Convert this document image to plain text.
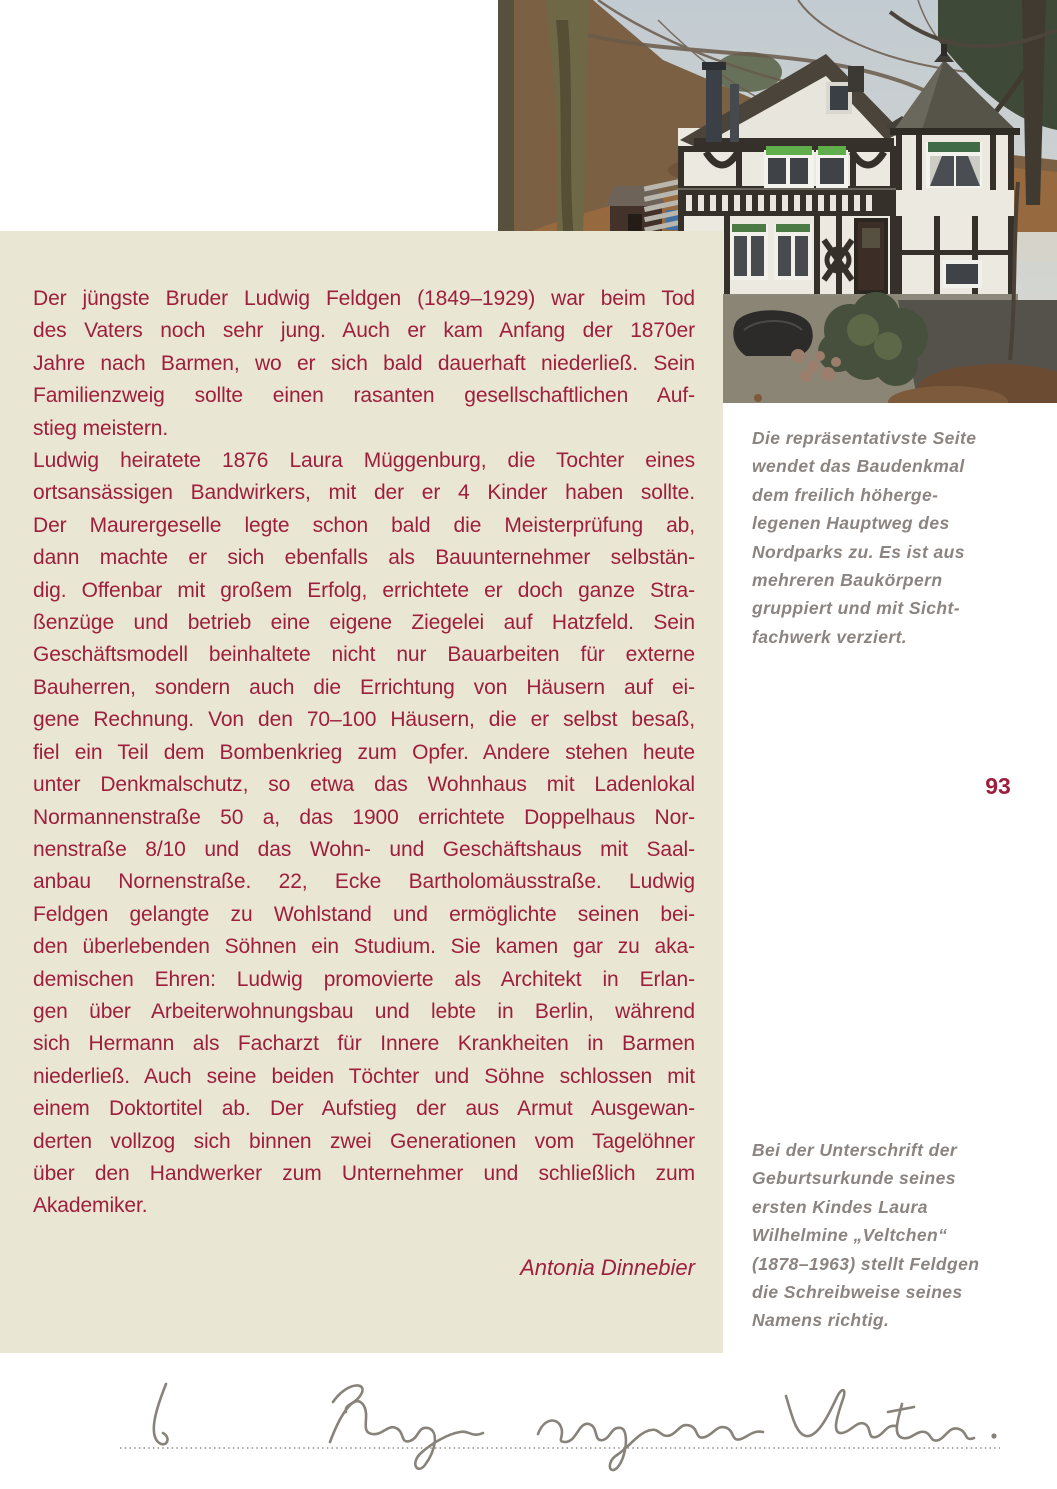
Der jüngste Bruder Ludwig Feldgen (1849–1929) war beim Tod
des Vaters noch sehr jung. Auch er kam Anfang der 1870er
Jahre nach Barmen, wo er sich bald dauerhaft niederließ. Sein
Familienzweig sollte einen rasanten gesellschaftlichen Auf-
stieg meistern.
Ludwig heiratete 1876 Laura Müggenburg, die Tochter eines
ortsansässigen Bandwirkers, mit der er 4 Kinder haben sollte.
Der Maurergeselle legte schon bald die Meisterprüfung ab,
dann machte er sich ebenfalls als Bauunternehmer selbstän-
dig. Offenbar mit großem Erfolg, errichtete er doch ganze Stra-
ßenzüge und betrieb eine eigene Ziegelei auf Hatzfeld. Sein
Geschäftsmodell beinhaltete nicht nur Bauarbeiten für externe
Bauherren, sondern auch die Errichtung von Häusern auf ei-
gene Rechnung. Von den 70–100 Häusern, die er selbst besaß,
fiel ein Teil dem Bombenkrieg zum Opfer. Andere stehen heute
unter Denkmalschutz, so etwa das Wohnhaus mit Ladenlokal
Normannenstraße 50 a, das 1900 errichtete Doppelhaus Nor-
nenstraße 8/10 und das Wohn- und Geschäftshaus mit Saal-
anbau Nornenstraße. 22, Ecke Bartholomäusstraße. Ludwig
Feldgen gelangte zu Wohlstand und ermöglichte seinen bei-
den überlebenden Söhnen ein Studium. Sie kamen gar zu aka-
demischen Ehren: Ludwig promovierte als Architekt in Erlan-
gen über Arbeiterwohnungsbau und lebte in Berlin, während
sich Hermann als Facharzt für Innere Krankheiten in Barmen
niederließ. Auch seine beiden Töchter und Söhne schlossen mit
einem Doktortitel ab. Der Aufstieg der aus Armut Ausgewan-
derten vollzog sich binnen zwei Generationen vom Tagelöhner
über den Handwerker zum Unternehmer und schließlich zum
Akademiker.
Antonia Dinnebier
Die repräsentativste Seite
wendet das Baudenkmal
dem freilich höherge-
legenen Hauptweg des
Nordparks zu. Es ist aus
mehreren Baukörpern
gruppiert und mit Sicht-
fachwerk verziert.
93
Bei der Unterschrift der
Geburtsurkunde seines
ersten Kindes Laura
Wilhelmine „Veltchen“
(1878–1963) stellt Feldgen
die Schreibweise seines
Namens richtig.
